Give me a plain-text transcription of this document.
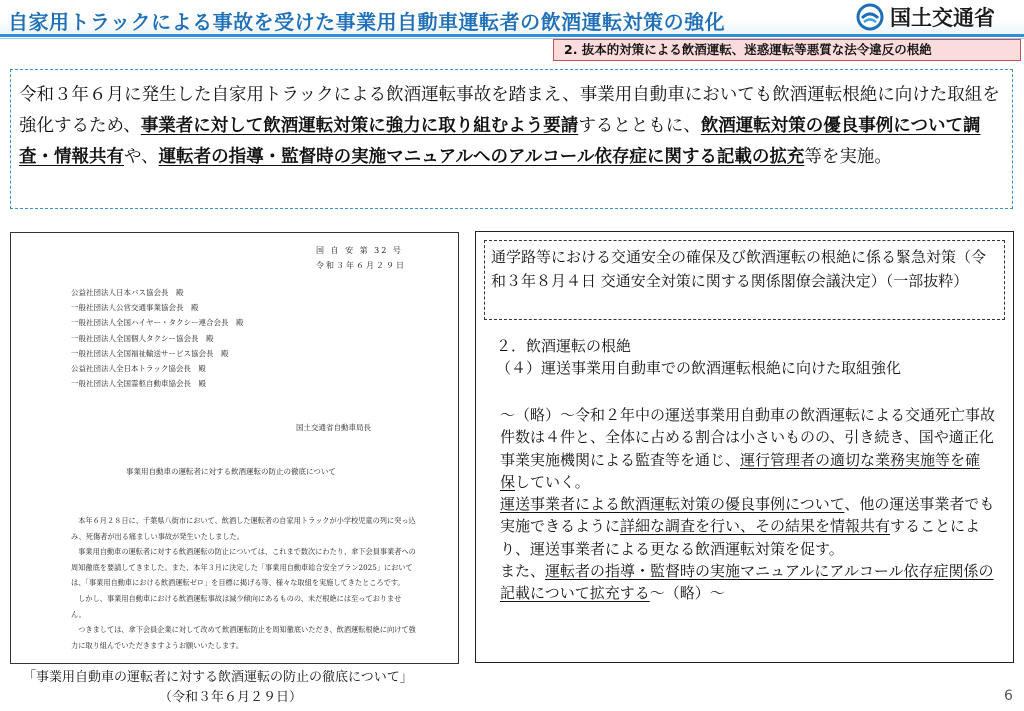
自家用トラックによる事故を受けた事業用自動車運転者の飲酒運転対策の強化	国土交通省
2. 抜本的対策による飲酒運転、迷惑運転等悪質な法令違反の根絶
令和３年６月に発生した自家用トラックによる飲酒運転事故を踏まえ、事業用自動車においても飲酒運転根絶に向けた取組を強化するため、事業者に対して飲酒運転対策に強力に取り組むよう要請するとともに、飲酒運転対策の優良事例について調査・情報共有や、運転者の指導・監督時の実施マニュアルへのアルコール依存症に関する記載の拡充等を実施。
国 自 安 第 32 号
令和３年６月２９日
公益社団法人日本バス協会長　殿
一般社団法人公営交通事業協会長　殿
一般社団法人全国ハイヤー・タクシー連合会長　殿
一般社団法人全国個人タクシー協会長　殿
一般社団法人全国福祉輸送サービス協会長　殿
公益社団法人全日本トラック協会長　殿
一般社団法人全国霊柩自動車協会長　殿
国土交通省自動車局長
事業用自動車の運転者に対する飲酒運転の防止の徹底について

本年６月２８日に、千葉県八街市において、飲酒した運転者の自家用トラックが小学校児童の列に突っ込み、死傷者が出る痛ましい事故が発生いたしました。

事業用自動車の運転者に対する飲酒運転の防止については、これまで数次にわたり、傘下会員事業者への周知徹底を要請してきました。また、本年３月に決定した「事業用自動車総合安全プラン2025」においては、「事業用自動車における飲酒運転ゼロ」を目標に掲げる等、様々な取組を実施してきたところです。

しかし、事業用自動車における飲酒運転事故は減少傾向にあるものの、未だ根絶には至っておりません。

つきましては、傘下会員企業に対して改めて飲酒運転防止を周知徹底いただき、飲酒運転根絶に向けて強力に取り組んでいただきますようお願いいたします。

「事業用自動車の運転者に対する飲酒運転の防止の徹底について」
（令和３年６月２９日）
通学路等における交通安全の確保及び飲酒運転の根絶に係る緊急対策（令和３年８月４日 交通安全対策に関する関係閣僚会議決定）（一部抜粋）
２．飲酒運転の根絶
（４）運送事業用自動車での飲酒運転根絶に向けた取組強化
〜（略）〜令和２年中の運送事業用自動車の飲酒運転による交通死亡事故件数は４件と、全体に占める割合は小さいものの、引き続き、国や適正化事業実施機関による監査等を通じ、運行管理者の適切な業務実施等を確保していく。
運送事業者による飲酒運転対策の優良事例について、他の運送事業者でも実施できるように詳細な調査を行い、その結果を情報共有することにより、運送事業者による更なる飲酒運転対策を促す。
また、運転者の指導・監督時の実施マニュアルにアルコール依存症関係の記載について拡充する〜（略）〜
6
